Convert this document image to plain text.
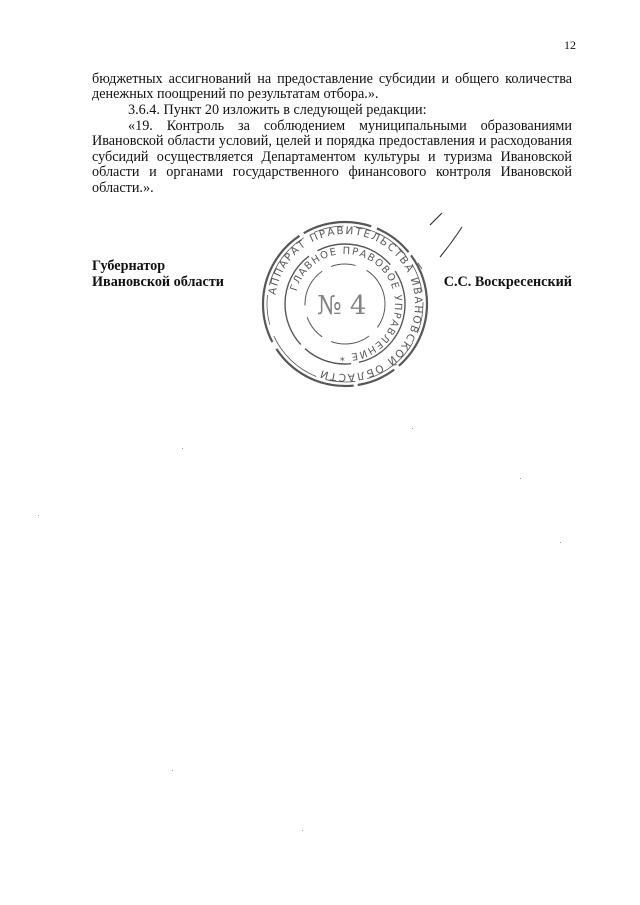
12
бюджетных ассигнований на предоставление субсидии и общего количества денежных поощрений по результатам отбора.».
3.6.4. Пункт 20 изложить в следующей редакции:
«19. Контроль за соблюдением муниципальными образованиями Ивановской области условий, целей и порядка предоставления и расходования субсидий осуществляется Департаментом культуры и туризма Ивановской области и органами государственного финансового контроля Ивановской области.».
АППАРАТ ПРАВИТЕЛЬСТВА ИВАНОВСКОЙ ОБЛАСТИ
ГЛАВНОЕ ПРАВОВОЕ УПРАВЛЕНИЕ *
№ 4
Губернатор
Ивановской области	С.С. Воскресенский
